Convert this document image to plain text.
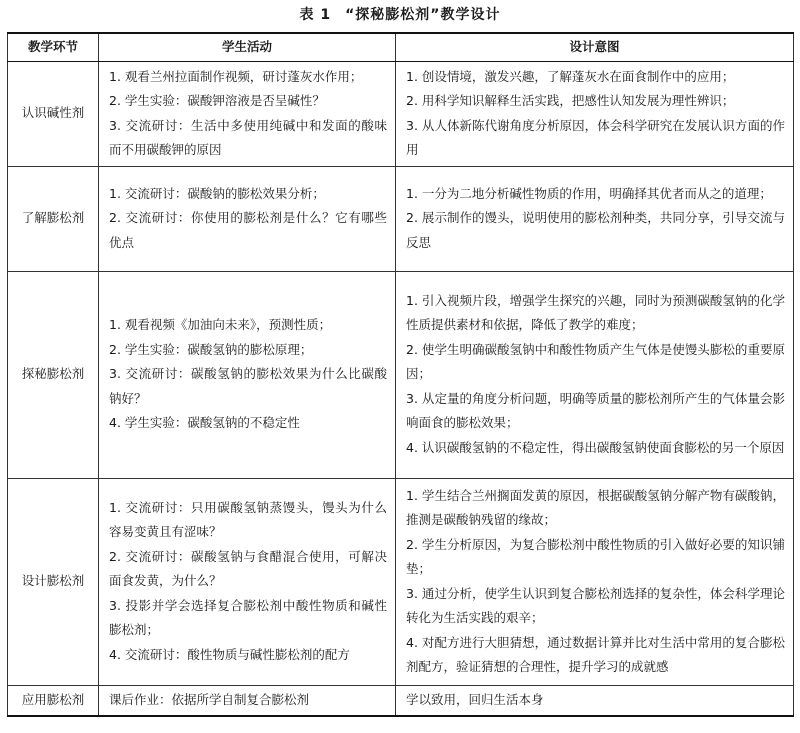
表 1 “探秘膨松剂”教学设计
教学环节	学生活动	设计意图
认识碱性剂	1. 观看兰州拉面制作视频，研讨蓬灰水作用；
2. 学生实验：碳酸钾溶液是否呈碱性？
3. 交流研讨：生活中多使用纯碱中和发面的酸味而不用碳酸钾的原因	1. 创设情境，激发兴趣，了解蓬灰水在面食制作中的应用；
2. 用科学知识解释生活实践，把感性认知发展为理性辨识；
3. 从人体新陈代谢角度分析原因，体会科学研究在发展认识方面的作用

了解膨松剂	1. 交流研讨：碳酸钠的膨松效果分析；
2. 交流研讨：你使用的膨松剂是什么？它有哪些优点	1. 一分为二地分析碱性物质的作用，明确择其优者而从之的道理；
2. 展示制作的馒头，说明使用的膨松剂种类，共同分享，引导交流与反思

探秘膨松剂	1. 观看视频《加油向未来》，预测性质；
2. 学生实验：碳酸氢钠的膨松原理；
3. 交流研讨：碳酸氢钠的膨松效果为什么比碳酸钠好？
4. 学生实验：碳酸氢钠的不稳定性	1. 引入视频片段，增强学生探究的兴趣，同时为预测碳酸氢钠的化学性质提供素材和依据，降低了教学的难度；
2. 使学生明确碳酸氢钠中和酸性物质产生气体是使馒头膨松的重要原因；
3. 从定量的角度分析问题，明确等质量的膨松剂所产生的气体量会影响面食的膨松效果；
4. 认识碳酸氢钠的不稳定性，得出碳酸氢钠使面食膨松的另一个原因

设计膨松剂	1. 交流研讨：只用碳酸氢钠蒸馒头，馒头为什么容易变黄且有涩味？
2. 交流研讨：碳酸氢钠与食醋混合使用，可解决面食发黄，为什么？
3. 投影并学会选择复合膨松剂中酸性物质和碱性膨松剂；
4. 交流研讨：酸性物质与碱性膨松剂的配方	1. 学生结合兰州搁面发黄的原因，根据碳酸氢钠分解产物有碳酸钠，推测是碳酸钠残留的缘故；
2. 学生分析原因，为复合膨松剂中酸性物质的引入做好必要的知识铺垫；
3. 通过分析，使学生认识到复合膨松剂选择的复杂性，体会科学理论转化为生活实践的艰辛；
4. 对配方进行大胆猜想，通过数据计算并比对生活中常用的复合膨松剂配方，验证猜想的合理性，提升学习的成就感

应用膨松剂	课后作业：依据所学自制复合膨松剂	学以致用，回归生活本身
